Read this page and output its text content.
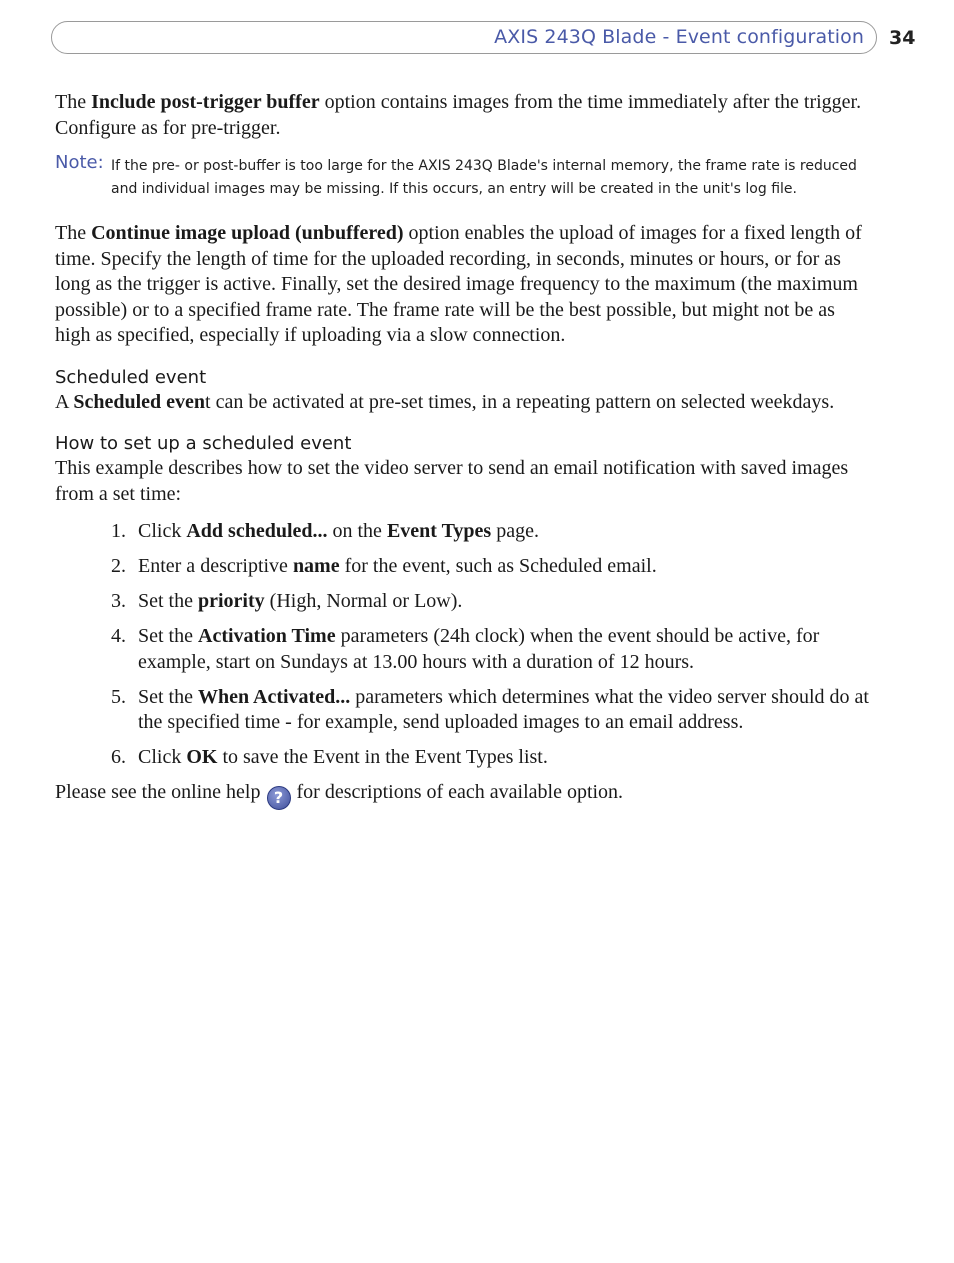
AXIS 243Q Blade - Event configuration 34

The Include post-trigger buffer option contains images from the time immediately after the trigger. Configure as for pre-trigger.

Note: If the pre- or post-buffer is too large for the AXIS 243Q Blade's internal memory, the frame rate is reduced and individual images may be missing. If this occurs, an entry will be created in the unit's log file.

The Continue image upload (unbuffered) option enables the upload of images for a fixed length of time. Specify the length of time for the uploaded recording, in seconds, minutes or hours, or for as long as the trigger is active. Finally, set the desired image frequency to the maximum (the maximum possible) or to a specified frame rate. The frame rate will be the best possible, but might not be as high as specified, especially if uploading via a slow connection.

Scheduled event

A Scheduled event can be activated at pre-set times, in a repeating pattern on selected weekdays.

How to set up a scheduled event

This example describes how to set the video server to send an email notification with saved images from a set time:

1. Click Add scheduled... on the Event Types page.
2. Enter a descriptive name for the event, such as Scheduled email.
3. Set the priority (High, Normal or Low).
4. Set the Activation Time parameters (24h clock) when the event should be active, for example, start on Sundays at 13.00 hours with a duration of 12 hours.
5. Set the When Activated... parameters which determines what the video server should do at the specified time - for example, send uploaded images to an email address.
6. Click OK to save the Event in the Event Types list.

Please see the online help ? for descriptions of each available option.
